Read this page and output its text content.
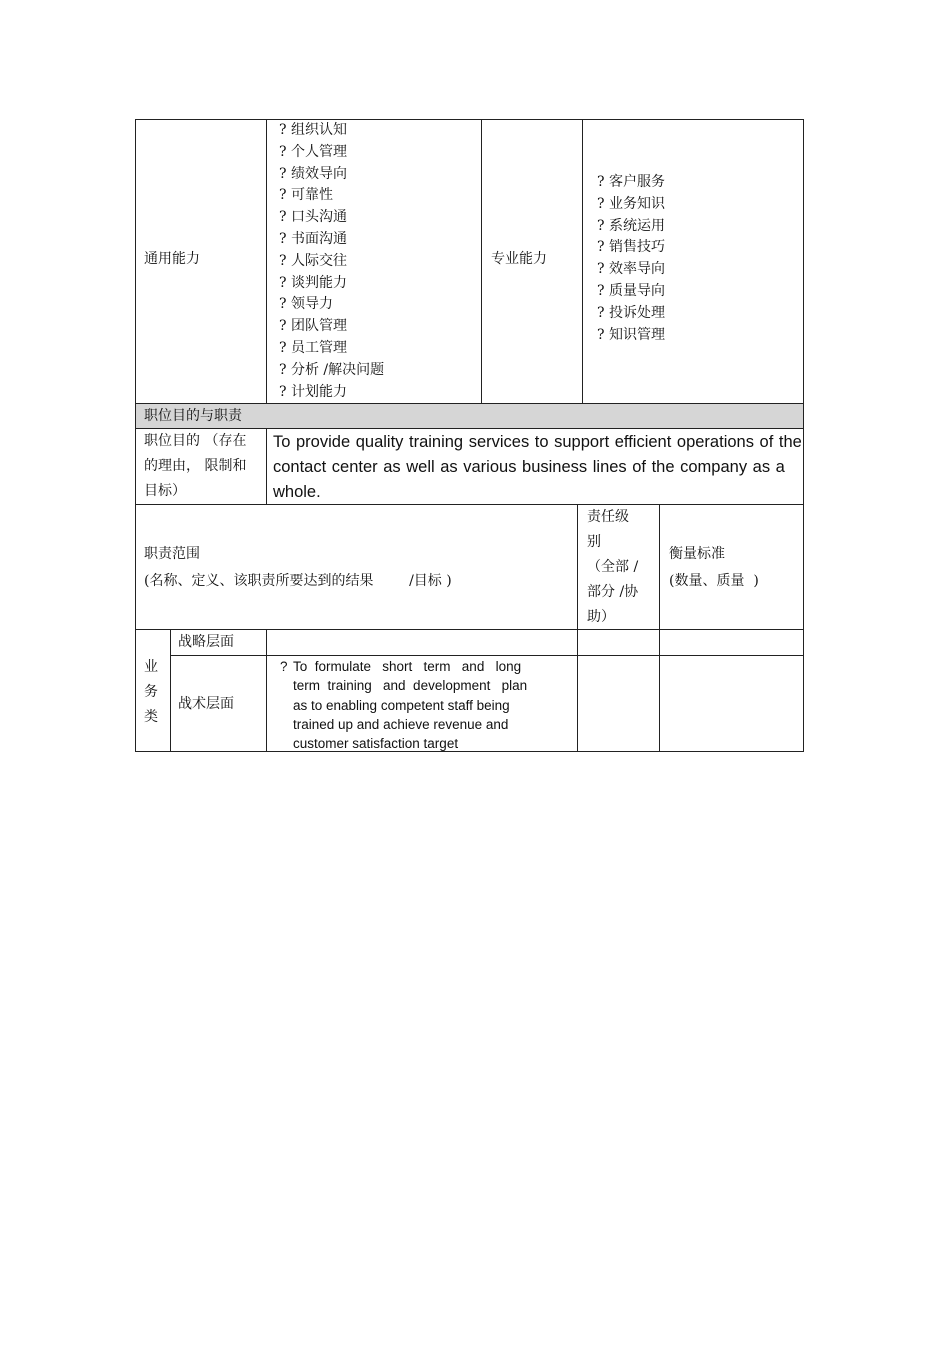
通用能力
? 组织认知
? 个人管理
? 绩效导向
? 可靠性
? 口头沟通
? 书面沟通
? 人际交往
? 谈判能力
? 领导力
? 团队管理
? 员工管理
? 分析 /解决问题
? 计划能力
专业能力
? 客户服务
? 业务知识
? 系统运用
? 销售技巧
? 效率导向
? 质量导向
? 投诉处理
? 知识管理
职位目的与职责
职位目的 （存在
的理由， 限制和
目标）
To provide quality training services to support efficient operations of the contact center as well as various business lines of the company as a whole.
职责范围
(名称、定义、该职责所要达到的结果        /目标 )
责任级
别
（全部 /
部分 /协
助）
衡量标准
(数量、质量  )
业
务
类
战略层面
战术层面
? To  formulate   short   term   and   long
term  training   and  development   plan
as to enabling competent staff being
trained up and achieve revenue and
customer satisfaction target
